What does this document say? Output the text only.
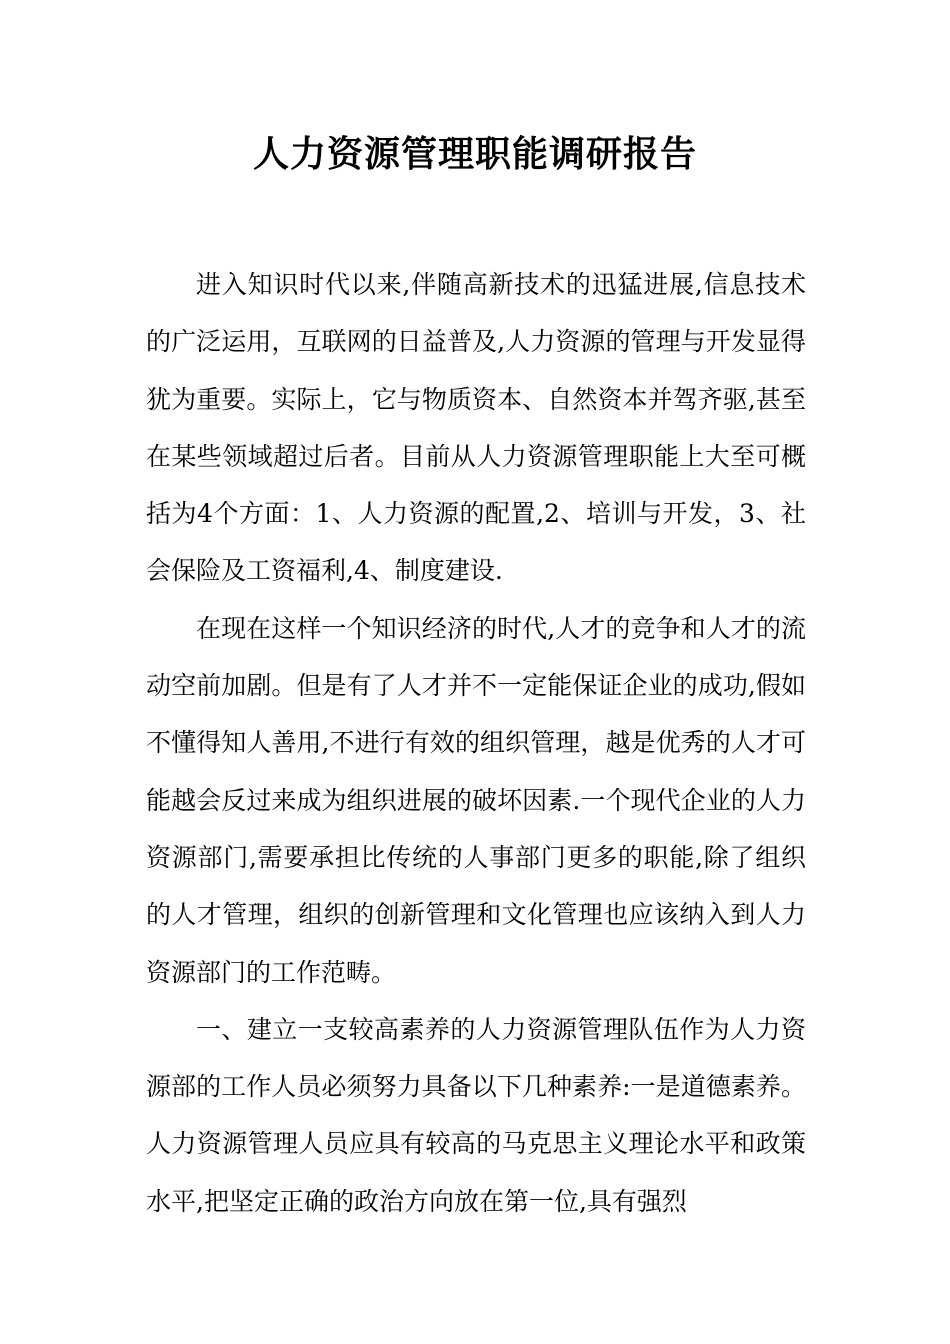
人力资源管理职能调研报告

进入知识时代以来,伴随高新技术的迅猛进展,信息技术的广泛运用，互联网的日益普及,人力资源的管理与开发显得犹为重要。实际上，它与物质资本、自然资本并驾齐驱,甚至在某些领域超过后者。目前从人力资源管理职能上大至可概括为4个方面：1、人力资源的配置,2、培训与开发，3、社会保险及工资福利,4、制度建设.

在现在这样一个知识经济的时代,人才的竞争和人才的流动空前加剧。但是有了人才并不一定能保证企业的成功,假如不懂得知人善用,不进行有效的组织管理，越是优秀的人才可能越会反过来成为组织进展的破坏因素.一个现代企业的人力资源部门,需要承担比传统的人事部门更多的职能,除了组织的人才管理，组织的创新管理和文化管理也应该纳入到人力资源部门的工作范畴。

一、建立一支较高素养的人力资源管理队伍作为人力资源部的工作人员必须努力具备以下几种素养:一是道德素养。人力资源管理人员应具有较高的马克思主义理论水平和政策水平,把坚定正确的政治方向放在第一位,具有强烈
